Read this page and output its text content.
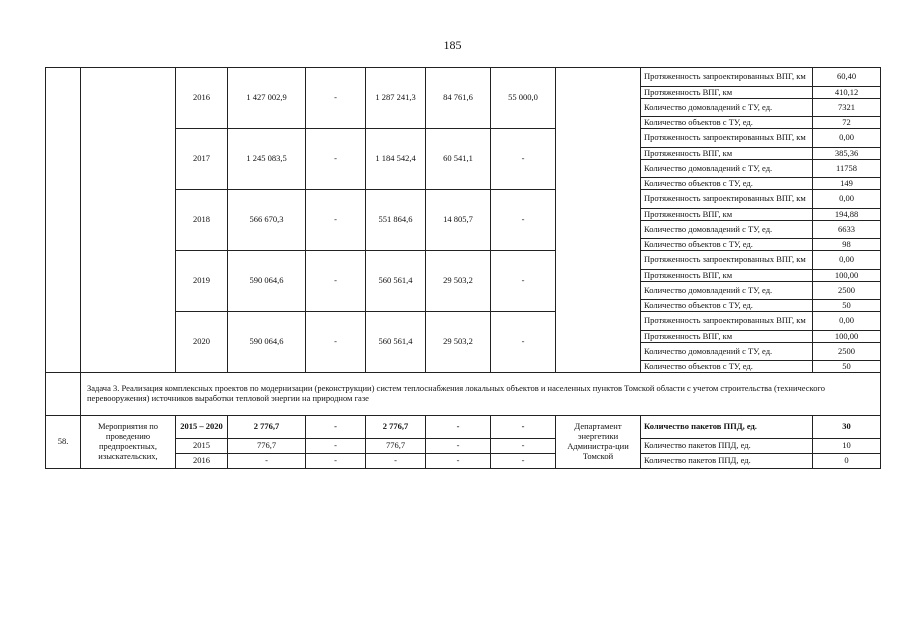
185
		2016	1 427 002,9	-	1 287 241,3	84 761,6	55 000,0		Протяженность запроектированных ВПГ, км	60,40
									Протяженность ВПГ, км	410,12
									Количество домовладений с ТУ, ед.	7321
									Количество объектов с ТУ, ед.	72
		2017	1 245 083,5	-	1 184 542,4	60 541,1	-		Протяженность запроектированных ВПГ, км	0,00
									Протяженность ВПГ, км	385,36
									Количество домовладений с ТУ, ед.	11758
									Количество объектов с ТУ, ед.	149
		2018	566 670,3	-	551 864,6	14 805,7	-		Протяженность запроектированных ВПГ, км	0,00
									Протяженность ВПГ, км	194,88
									Количество домовладений с ТУ, ед.	6633
									Количество объектов с ТУ, ед.	98
		2019	590 064,6	-	560 561,4	29 503,2	-		Протяженность запроектированных ВПГ, км	0,00
									Протяженность ВПГ, км	100,00
									Количество домовладений с ТУ, ед.	2500
									Количество объектов с ТУ, ед.	50
		2020	590 064,6	-	560 561,4	29 503,2	-		Протяженность запроектированных ВПГ, км	0,00
									Протяженность ВПГ, км	100,00
									Количество домовладений с ТУ, ед.	2500
									Количество объектов с ТУ, ед.	50
	Задача 3. Реализация комплексных проектов по модернизации (реконструкции) систем теплоснабжения локальных объектов и населенных пунктов Томской области с учетом строительства (технического перевооружения) источников выработки тепловой энергии на природном газе									
58.	Мероприятия по проведению предпроектных, изыскательских,	2015 – 2020	2 776,7	-	2 776,7	-	-	Департамент энергетики Администра-ции Томской	Количество пакетов ППД, ед.	30
		2015	776,7	-	776,7	-	-		Количество пакетов ППД, ед.	10
		2016	-	-	-	-	-		Количество пакетов ППД, ед.	0
